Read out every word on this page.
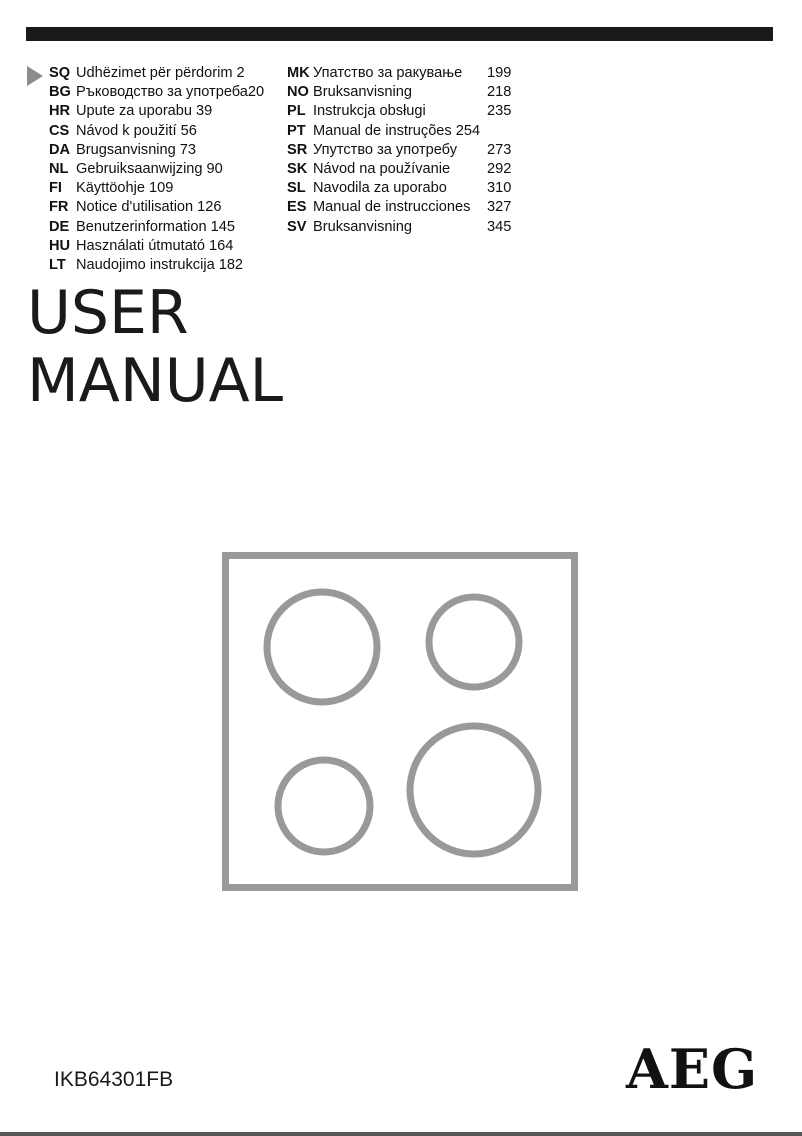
SQ Udhëzimet për përdorim 2
BG Ръководство за употреба 20
HR Upute za uporabu 39
CS Návod k použití 56
DA Brugsanvisning 73
NL Gebruiksaanwijzing 90
FI Käyttöohje 109
FR Notice d'utilisation 126
DE Benutzerinformation 145
HU Használati útmutató 164
LT Naudojimo instrukcija 182
MK Упатство за ракување	199
NO Bruksanvisning	218
PL Instrukcja obsługi	235
PT Manual de instruções 254
SR Упутство за употребу	273
SK Návod na používanie	292
SL Navodila za uporabo	310
ES Manual de instrucciones	327
SV Bruksanvisning	345
USER
MANUAL
IKB64301FB	AEG
